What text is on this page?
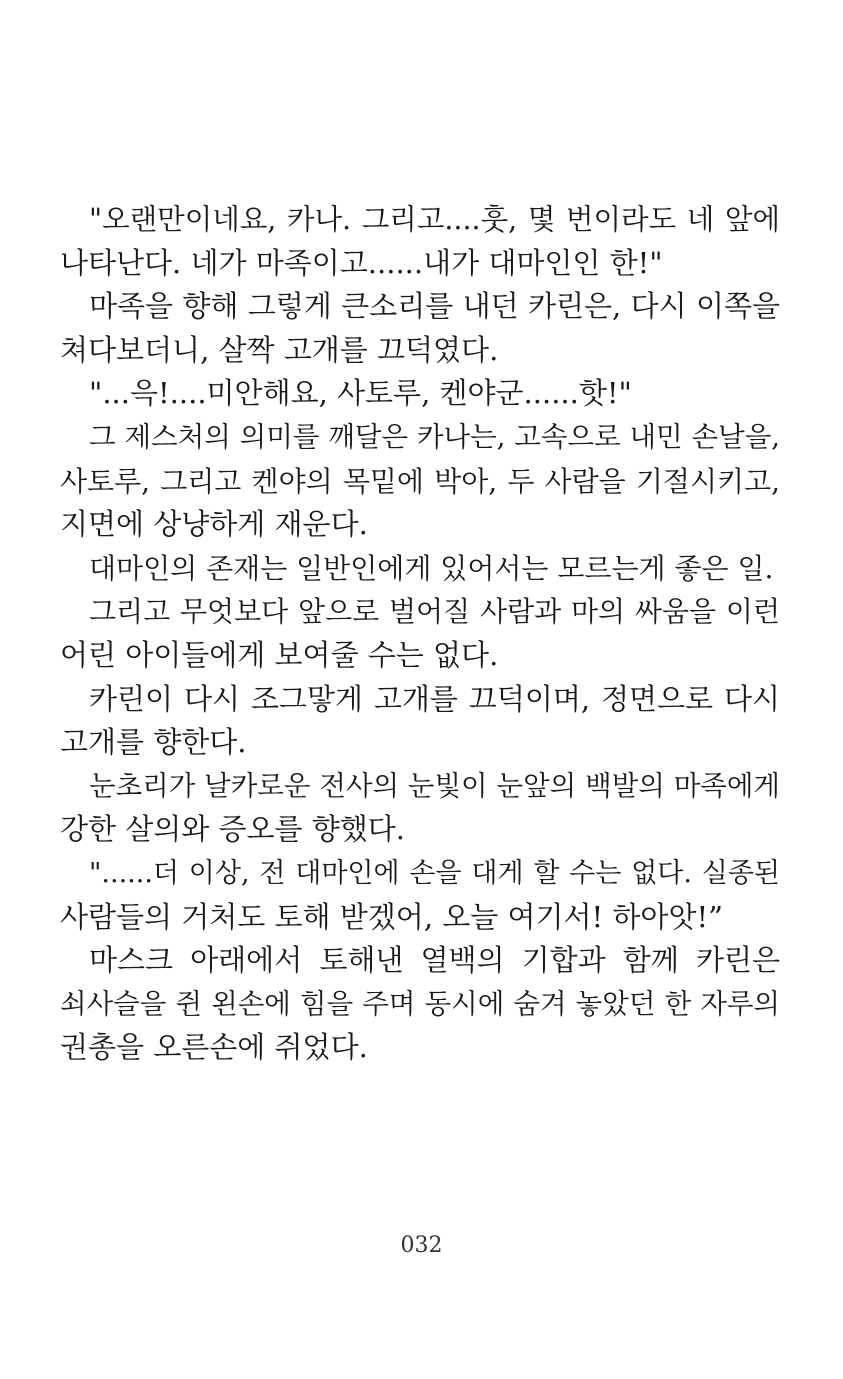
"오랜만이네요, 카나. 그리고....훗, 몇 번이라도 네 앞에
나타난다. 네가 마족이고......내가 대마인인 한!"
마족을 향해 그렇게 큰소리를 내던 카린은, 다시 이쪽을
쳐다보더니, 살짝 고개를 끄덕였다.
"...윽!....미안해요, 사토루, 켄야군......핫!"
그 제스처의 의미를 깨달은 카나는, 고속으로 내민 손날을,
사토루, 그리고 켄야의 목밑에 박아, 두 사람을 기절시키고,
지면에 상냥하게 재운다.
대마인의 존재는 일반인에게 있어서는 모르는게 좋은 일.
그리고 무엇보다 앞으로 벌어질 사람과 마의 싸움을 이런
어린 아이들에게 보여줄 수는 없다.
카린이 다시 조그맣게 고개를 끄덕이며, 정면으로 다시
고개를 향한다.
눈초리가 날카로운 전사의 눈빛이 눈앞의 백발의 마족에게
강한 살의와 증오를 향했다.
"......더 이상, 전 대마인에 손을 대게 할 수는 없다. 실종된
사람들의 거처도 토해 받겠어, 오늘 여기서! 하아앗!”
마스크 아래에서 토해낸 열백의 기합과 함께 카린은
쇠사슬을 쥔 왼손에 힘을 주며 동시에 숨겨 놓았던 한 자루의
권총을 오른손에 쥐었다.
032
